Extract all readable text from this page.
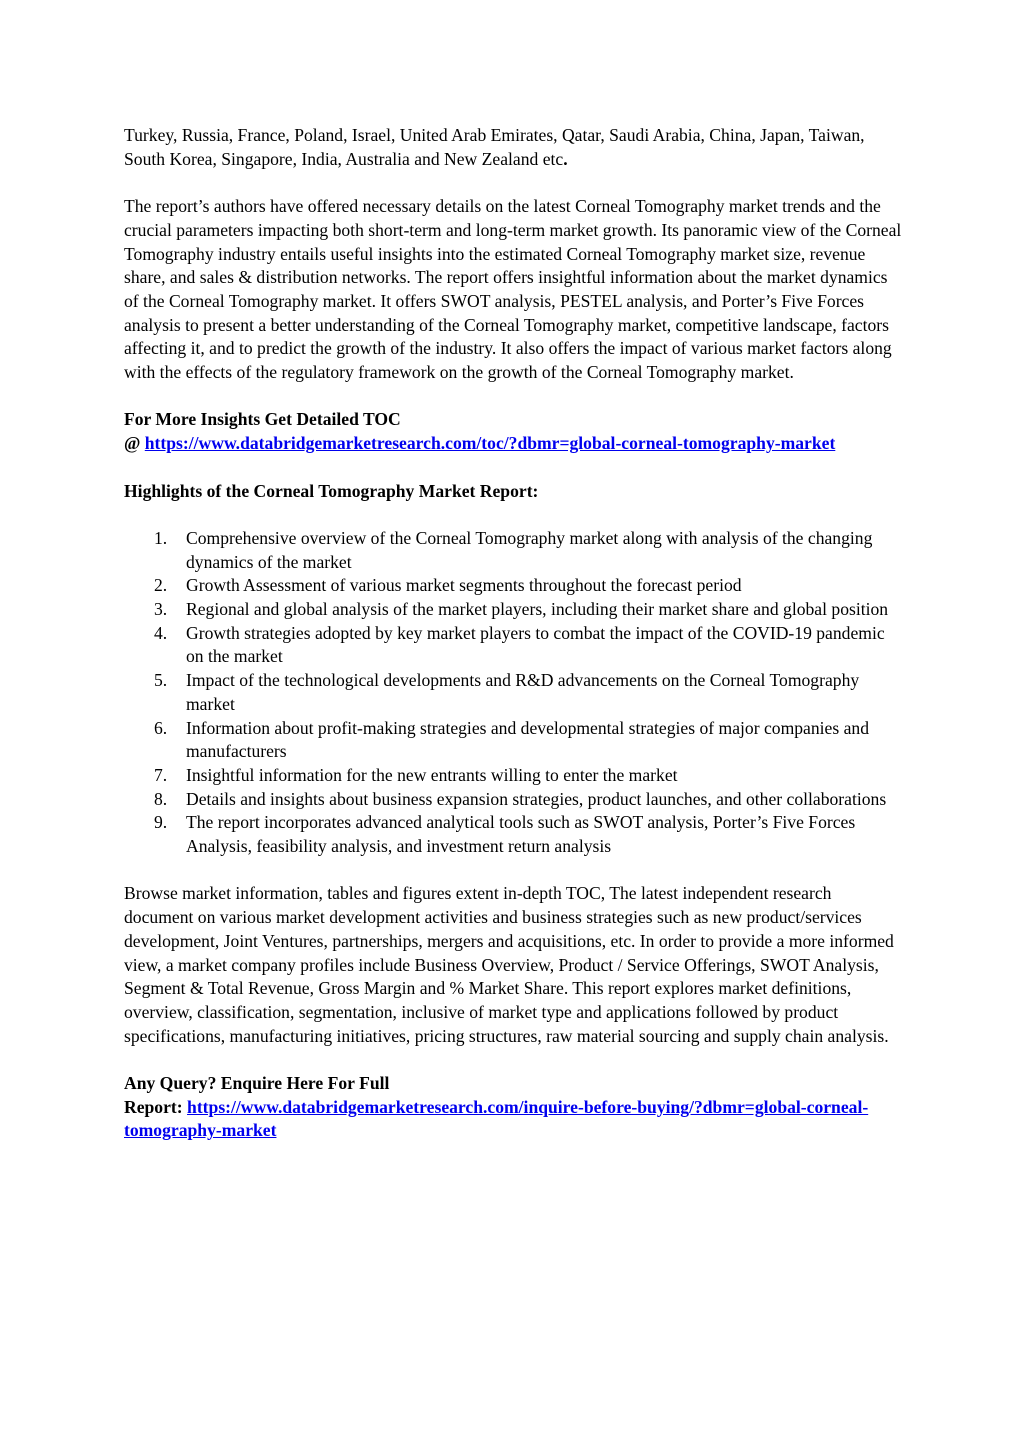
Turkey, Russia, France, Poland, Israel, United Arab Emirates, Qatar, Saudi Arabia, China, Japan, Taiwan, South Korea, Singapore, India, Australia and New Zealand etc.

The report’s authors have offered necessary details on the latest Corneal Tomography market trends and the crucial parameters impacting both short-term and long-term market growth. Its panoramic view of the Corneal Tomography industry entails useful insights into the estimated Corneal Tomography market size, revenue share, and sales & distribution networks. The report offers insightful information about the market dynamics of the Corneal Tomography market. It offers SWOT analysis, PESTEL analysis, and Porter’s Five Forces analysis to present a better understanding of the Corneal Tomography market, competitive landscape, factors affecting it, and to predict the growth of the industry. It also offers the impact of various market factors along with the effects of the regulatory framework on the growth of the Corneal Tomography market.

For More Insights Get Detailed TOC

@ https://www.databridgemarketresearch.com/toc/?dbmr=global-corneal-tomography-market

Highlights of the Corneal Tomography Market Report:

1. Comprehensive overview of the Corneal Tomography market along with analysis of the changing dynamics of the market
2. Growth Assessment of various market segments throughout the forecast period
3. Regional and global analysis of the market players, including their market share and global position
4. Growth strategies adopted by key market players to combat the impact of the COVID-19 pandemic on the market
5. Impact of the technological developments and R&D advancements on the Corneal Tomography market
6. Information about profit-making strategies and developmental strategies of major companies and manufacturers
7. Insightful information for the new entrants willing to enter the market
8. Details and insights about business expansion strategies, product launches, and other collaborations
9. The report incorporates advanced analytical tools such as SWOT analysis, Porter’s Five Forces Analysis, feasibility analysis, and investment return analysis

Browse market information, tables and figures extent in-depth TOC, The latest independent research document on various market development activities and business strategies such as new product/services development, Joint Ventures, partnerships, mergers and acquisitions, etc. In order to provide a more informed view, a market company profiles include Business Overview, Product / Service Offerings, SWOT Analysis, Segment & Total Revenue, Gross Margin and % Market Share. This report explores market definitions, overview, classification, segmentation, inclusive of market type and applications followed by product specifications, manufacturing initiatives, pricing structures, raw material sourcing and supply chain analysis.

Any Query? Enquire Here For Full

Report: https://www.databridgemarketresearch.com/inquire-before-buying/?dbmr=global-corneal-tomography-market
